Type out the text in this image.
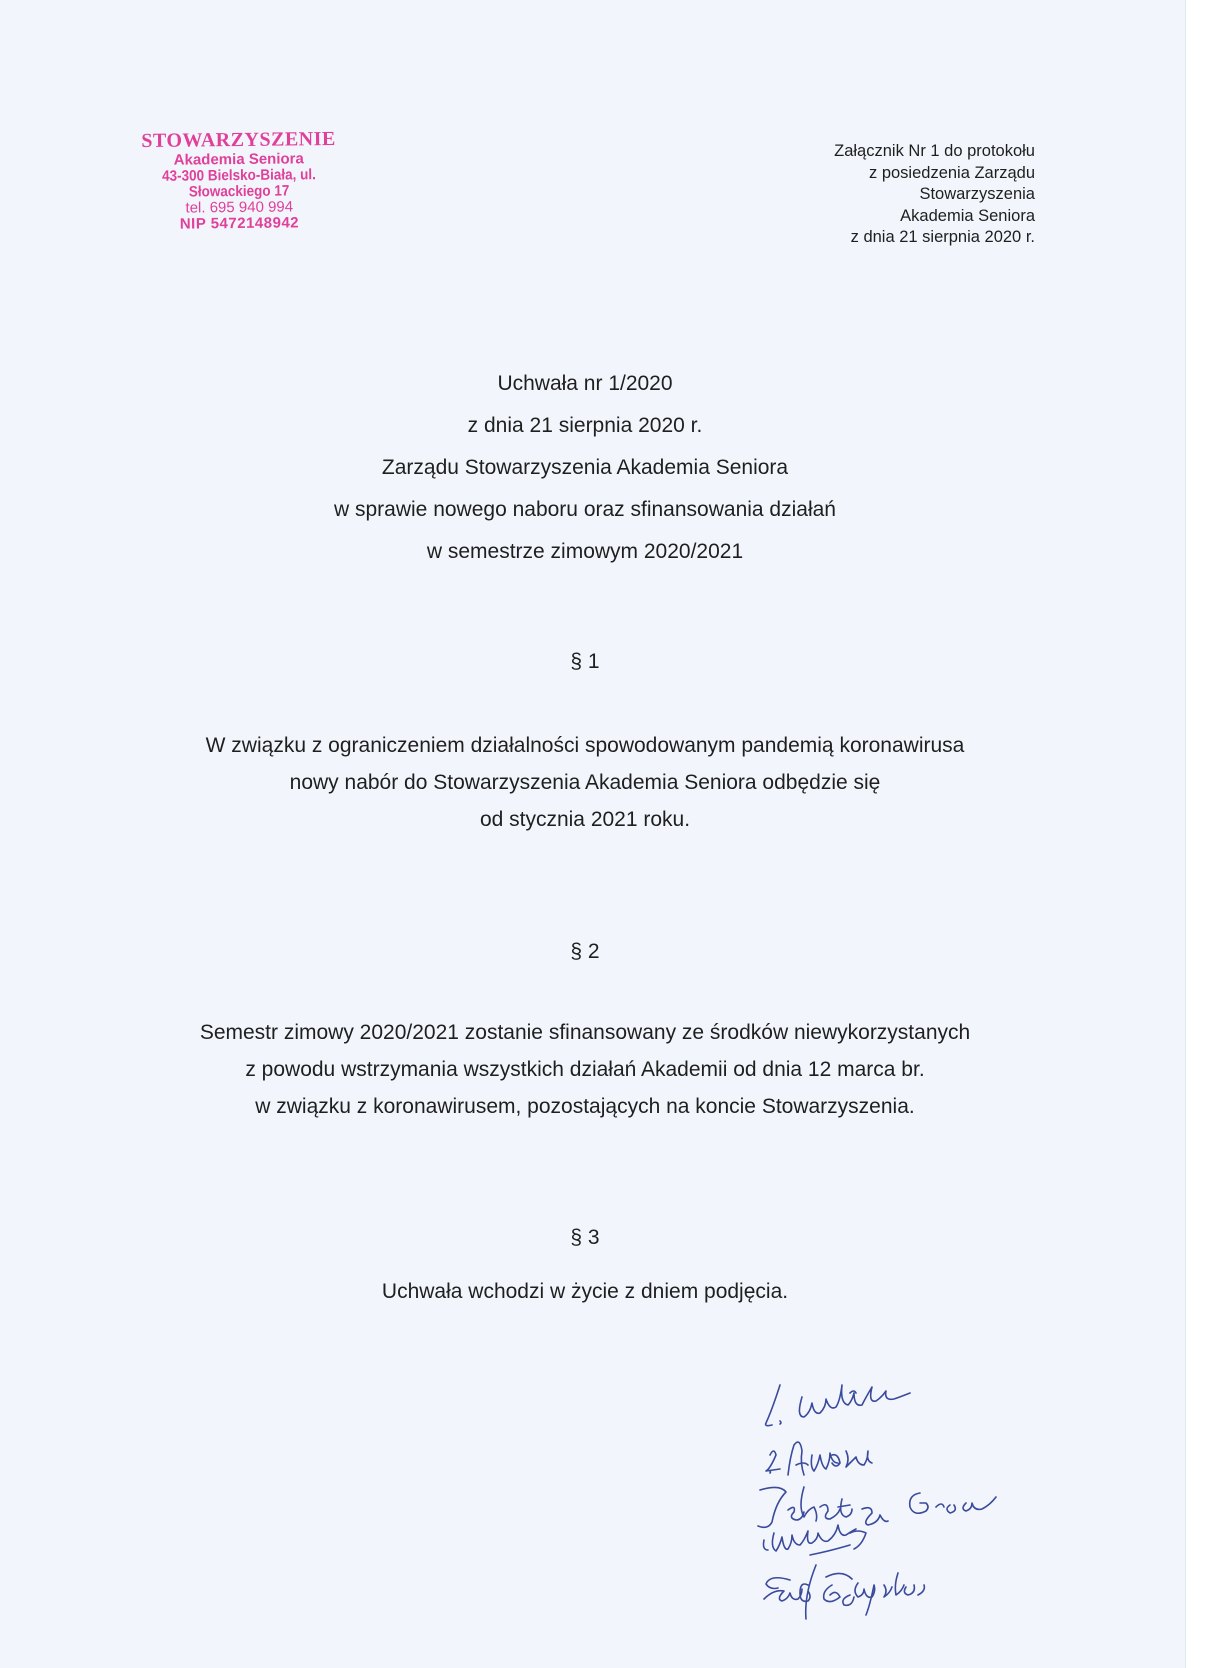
STOWARZYSZENIE
Akademia Seniora
43-300 Bielsko-Biała, ul. Słowackiego 17
tel. 695 940 994
NIP 5472148942
Załącznik Nr 1 do protokołu
z posiedzenia Zarządu
Stowarzyszenia
Akademia Seniora
z dnia 21 sierpnia 2020 r.
Uchwała nr 1/2020
z dnia 21 sierpnia 2020 r.
Zarządu Stowarzyszenia Akademia Seniora
w sprawie nowego naboru oraz sfinansowania działań
w semestrze zimowym 2020/2021
§ 1
W związku z ograniczeniem działalności spowodowanym pandemią koronawirusa
nowy nabór do Stowarzyszenia Akademia Seniora odbędzie się
od stycznia 2021 roku.
§ 2
Semestr zimowy 2020/2021 zostanie sfinansowany ze środków niewykorzystanych
z powodu wstrzymania wszystkich działań Akademii od dnia 12 marca br.
w związku z koronawirusem, pozostających na koncie Stowarzyszenia.
§ 3
Uchwała wchodzi w życie z dniem podjęcia.
